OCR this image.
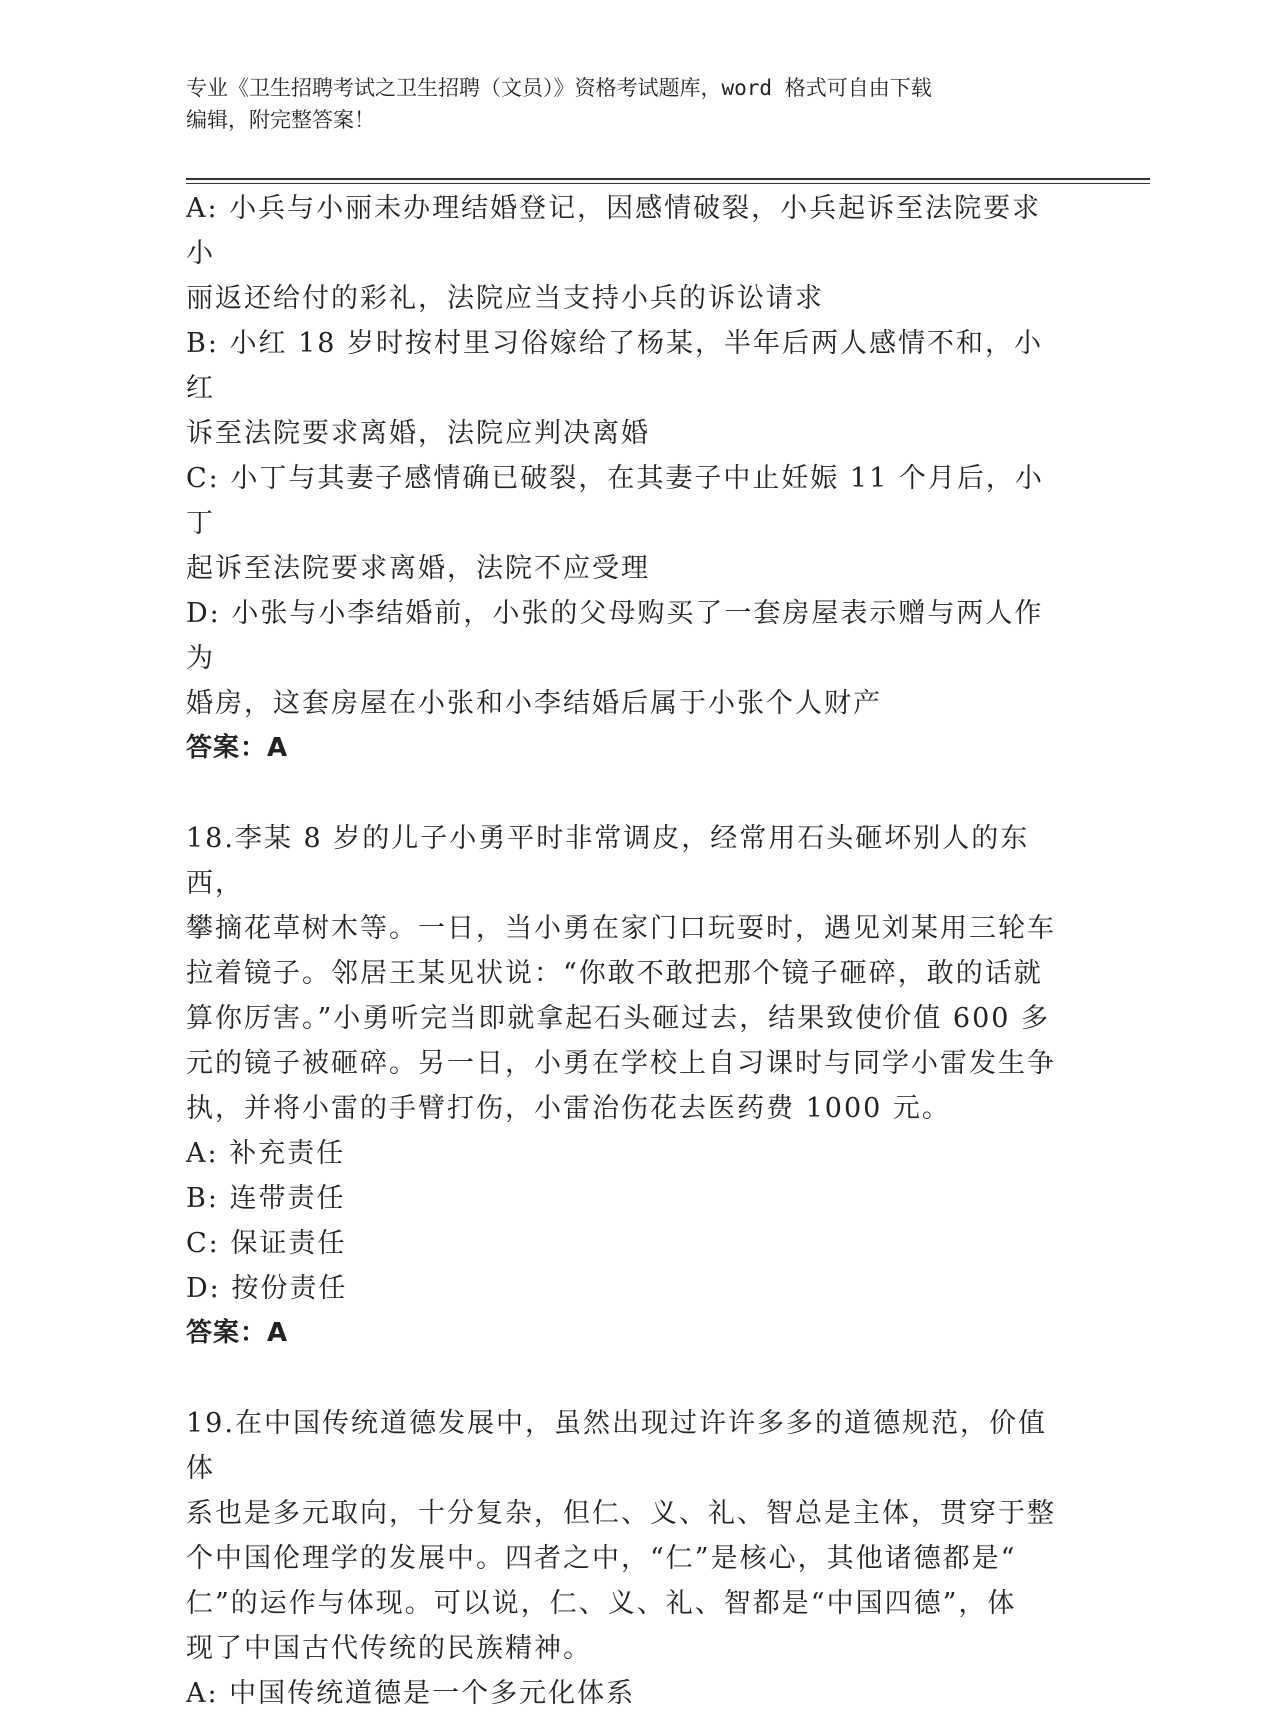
专业《卫生招聘考试之卫生招聘（文员）》资格考试题库，word 格式可自由下载
编辑，附完整答案！

A: 小兵与小丽未办理结婚登记，因感情破裂，小兵起诉至法院要求小

丽返还给付的彩礼，法院应当支持小兵的诉讼请求

B: 小红 18 岁时按村里习俗嫁给了杨某，半年后两人感情不和，小红

诉至法院要求离婚，法院应判决离婚

C: 小丁与其妻子感情确已破裂，在其妻子中止妊娠 11 个月后，小丁

起诉至法院要求离婚，法院不应受理

D: 小张与小李结婚前，小张的父母购买了一套房屋表示赠与两人作为

婚房，这套房屋在小张和小李结婚后属于小张个人财产

答案：A

18.李某 8 岁的儿子小勇平时非常调皮，经常用石头砸坏别人的东西，

攀摘花草树木等。一日，当小勇在家门口玩耍时，遇见刘某用三轮车

拉着镜子。邻居王某见状说：“你敢不敢把那个镜子砸碎，敢的话就

算你厉害。”小勇听完当即就拿起石头砸过去，结果致使价值 600 多

元的镜子被砸碎。另一日，小勇在学校上自习课时与同学小雷发生争

执，并将小雷的手臂打伤，小雷治伤花去医药费 1000 元。

A: 补充责任

B: 连带责任

C: 保证责任

D: 按份责任

答案：A

19.在中国传统道德发展中，虽然出现过许许多多的道德规范，价值体

系也是多元取向，十分复杂，但仁、义、礼、智总是主体，贯穿于整

个中国伦理学的发展中。四者之中，“仁”是核心，其他诸德都是“

仁”的运作与体现。可以说，仁、义、礼、智都是“中国四德”，体

现了中国古代传统的民族精神。

A: 中国传统道德是一个多元化体系
